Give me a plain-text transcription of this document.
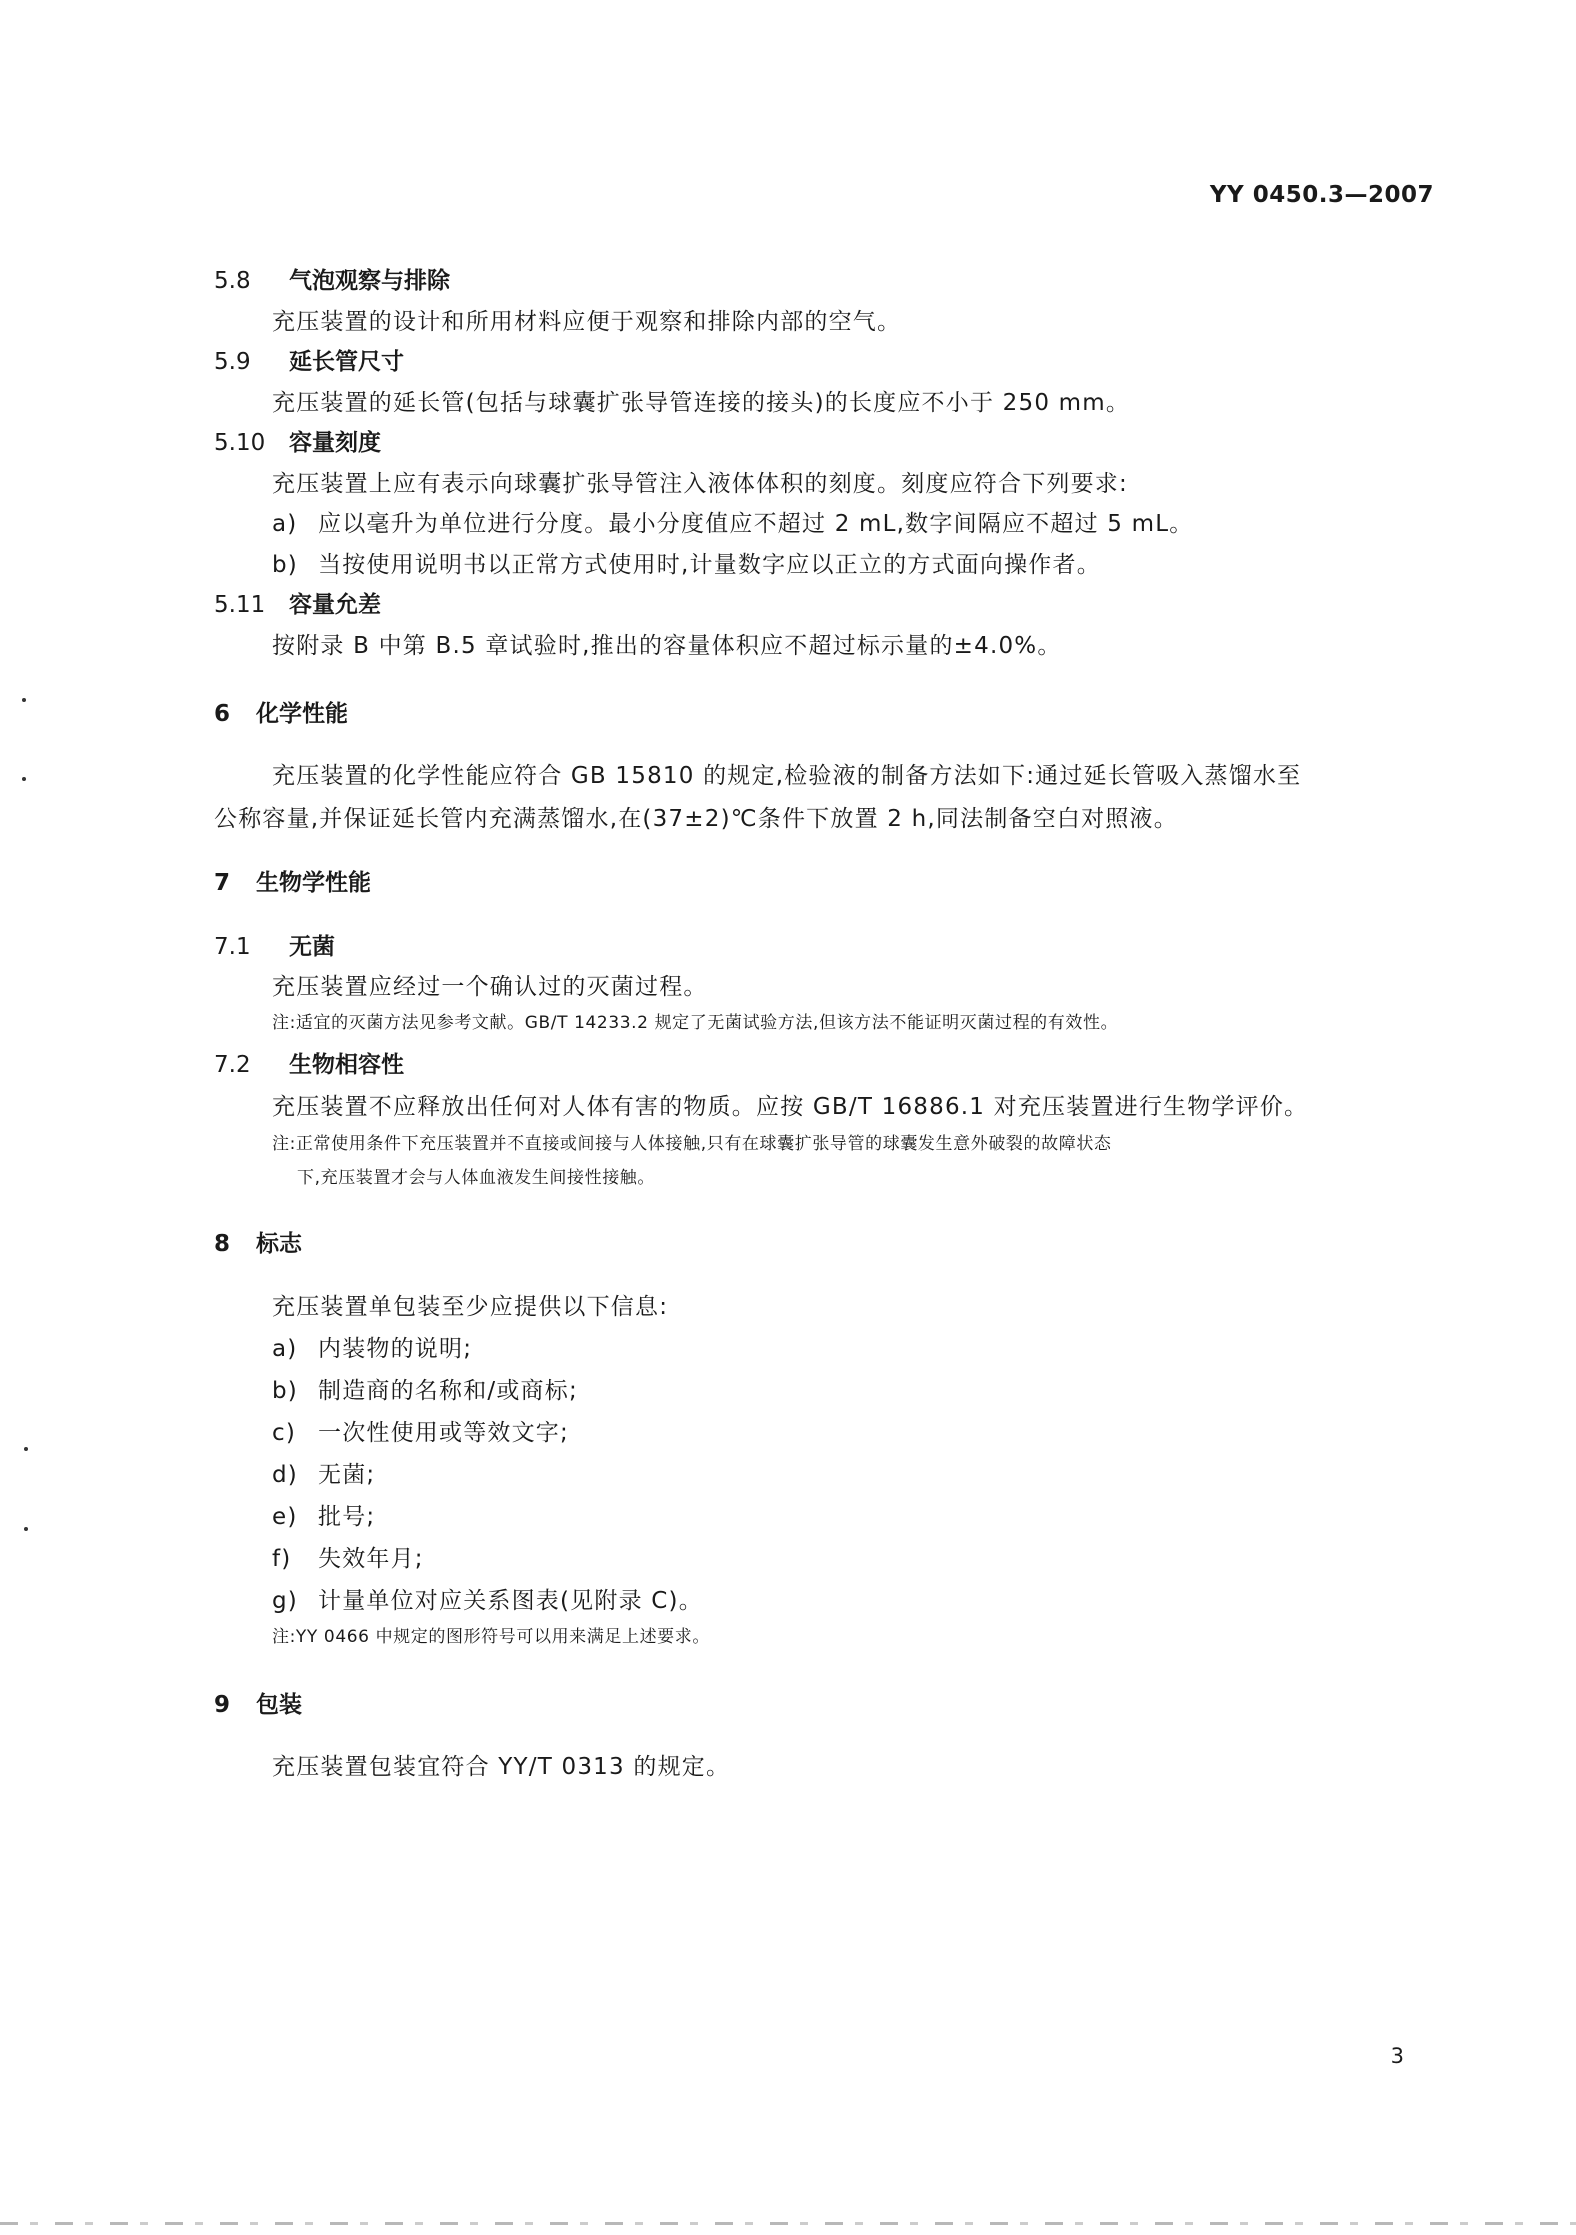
YY 0450.3—2007
5.8 气泡观察与排除
充压装置的设计和所用材料应便于观察和排除内部的空气。
5.9 延长管尺寸
充压装置的延长管(包括与球囊扩张导管连接的接头)的长度应不小于 250 mm。
5.10 容量刻度
充压装置上应有表示向球囊扩张导管注入液体体积的刻度。刻度应符合下列要求:
a) 应以毫升为单位进行分度。最小分度值应不超过 2 mL,数字间隔应不超过 5 mL。
b) 当按使用说明书以正常方式使用时,计量数字应以正立的方式面向操作者。
5.11 容量允差
按附录 B 中第 B.5 章试验时,推出的容量体积应不超过标示量的±4.0%。
6 化学性能
充压装置的化学性能应符合 GB 15810 的规定,检验液的制备方法如下:通过延长管吸入蒸馏水至
公称容量,并保证延长管内充满蒸馏水,在(37±2)℃条件下放置 2 h,同法制备空白对照液。
7 生物学性能
7.1 无菌
充压装置应经过一个确认过的灭菌过程。
注:适宜的灭菌方法见参考文献。GB/T 14233.2 规定了无菌试验方法,但该方法不能证明灭菌过程的有效性。
7.2 生物相容性
充压装置不应释放出任何对人体有害的物质。应按 GB/T 16886.1 对充压装置进行生物学评价。
注:正常使用条件下充压装置并不直接或间接与人体接触,只有在球囊扩张导管的球囊发生意外破裂的故障状态
下,充压装置才会与人体血液发生间接性接触。
8 标志
充压装置单包装至少应提供以下信息:
a) 内装物的说明;
b) 制造商的名称和/或商标;
c) 一次性使用或等效文字;
d) 无菌;
e) 批号;
f) 失效年月;
g) 计量单位对应关系图表(见附录 C)。
注:YY 0466 中规定的图形符号可以用来满足上述要求。
9 包装
充压装置包装宜符合 YY/T 0313 的规定。
3
